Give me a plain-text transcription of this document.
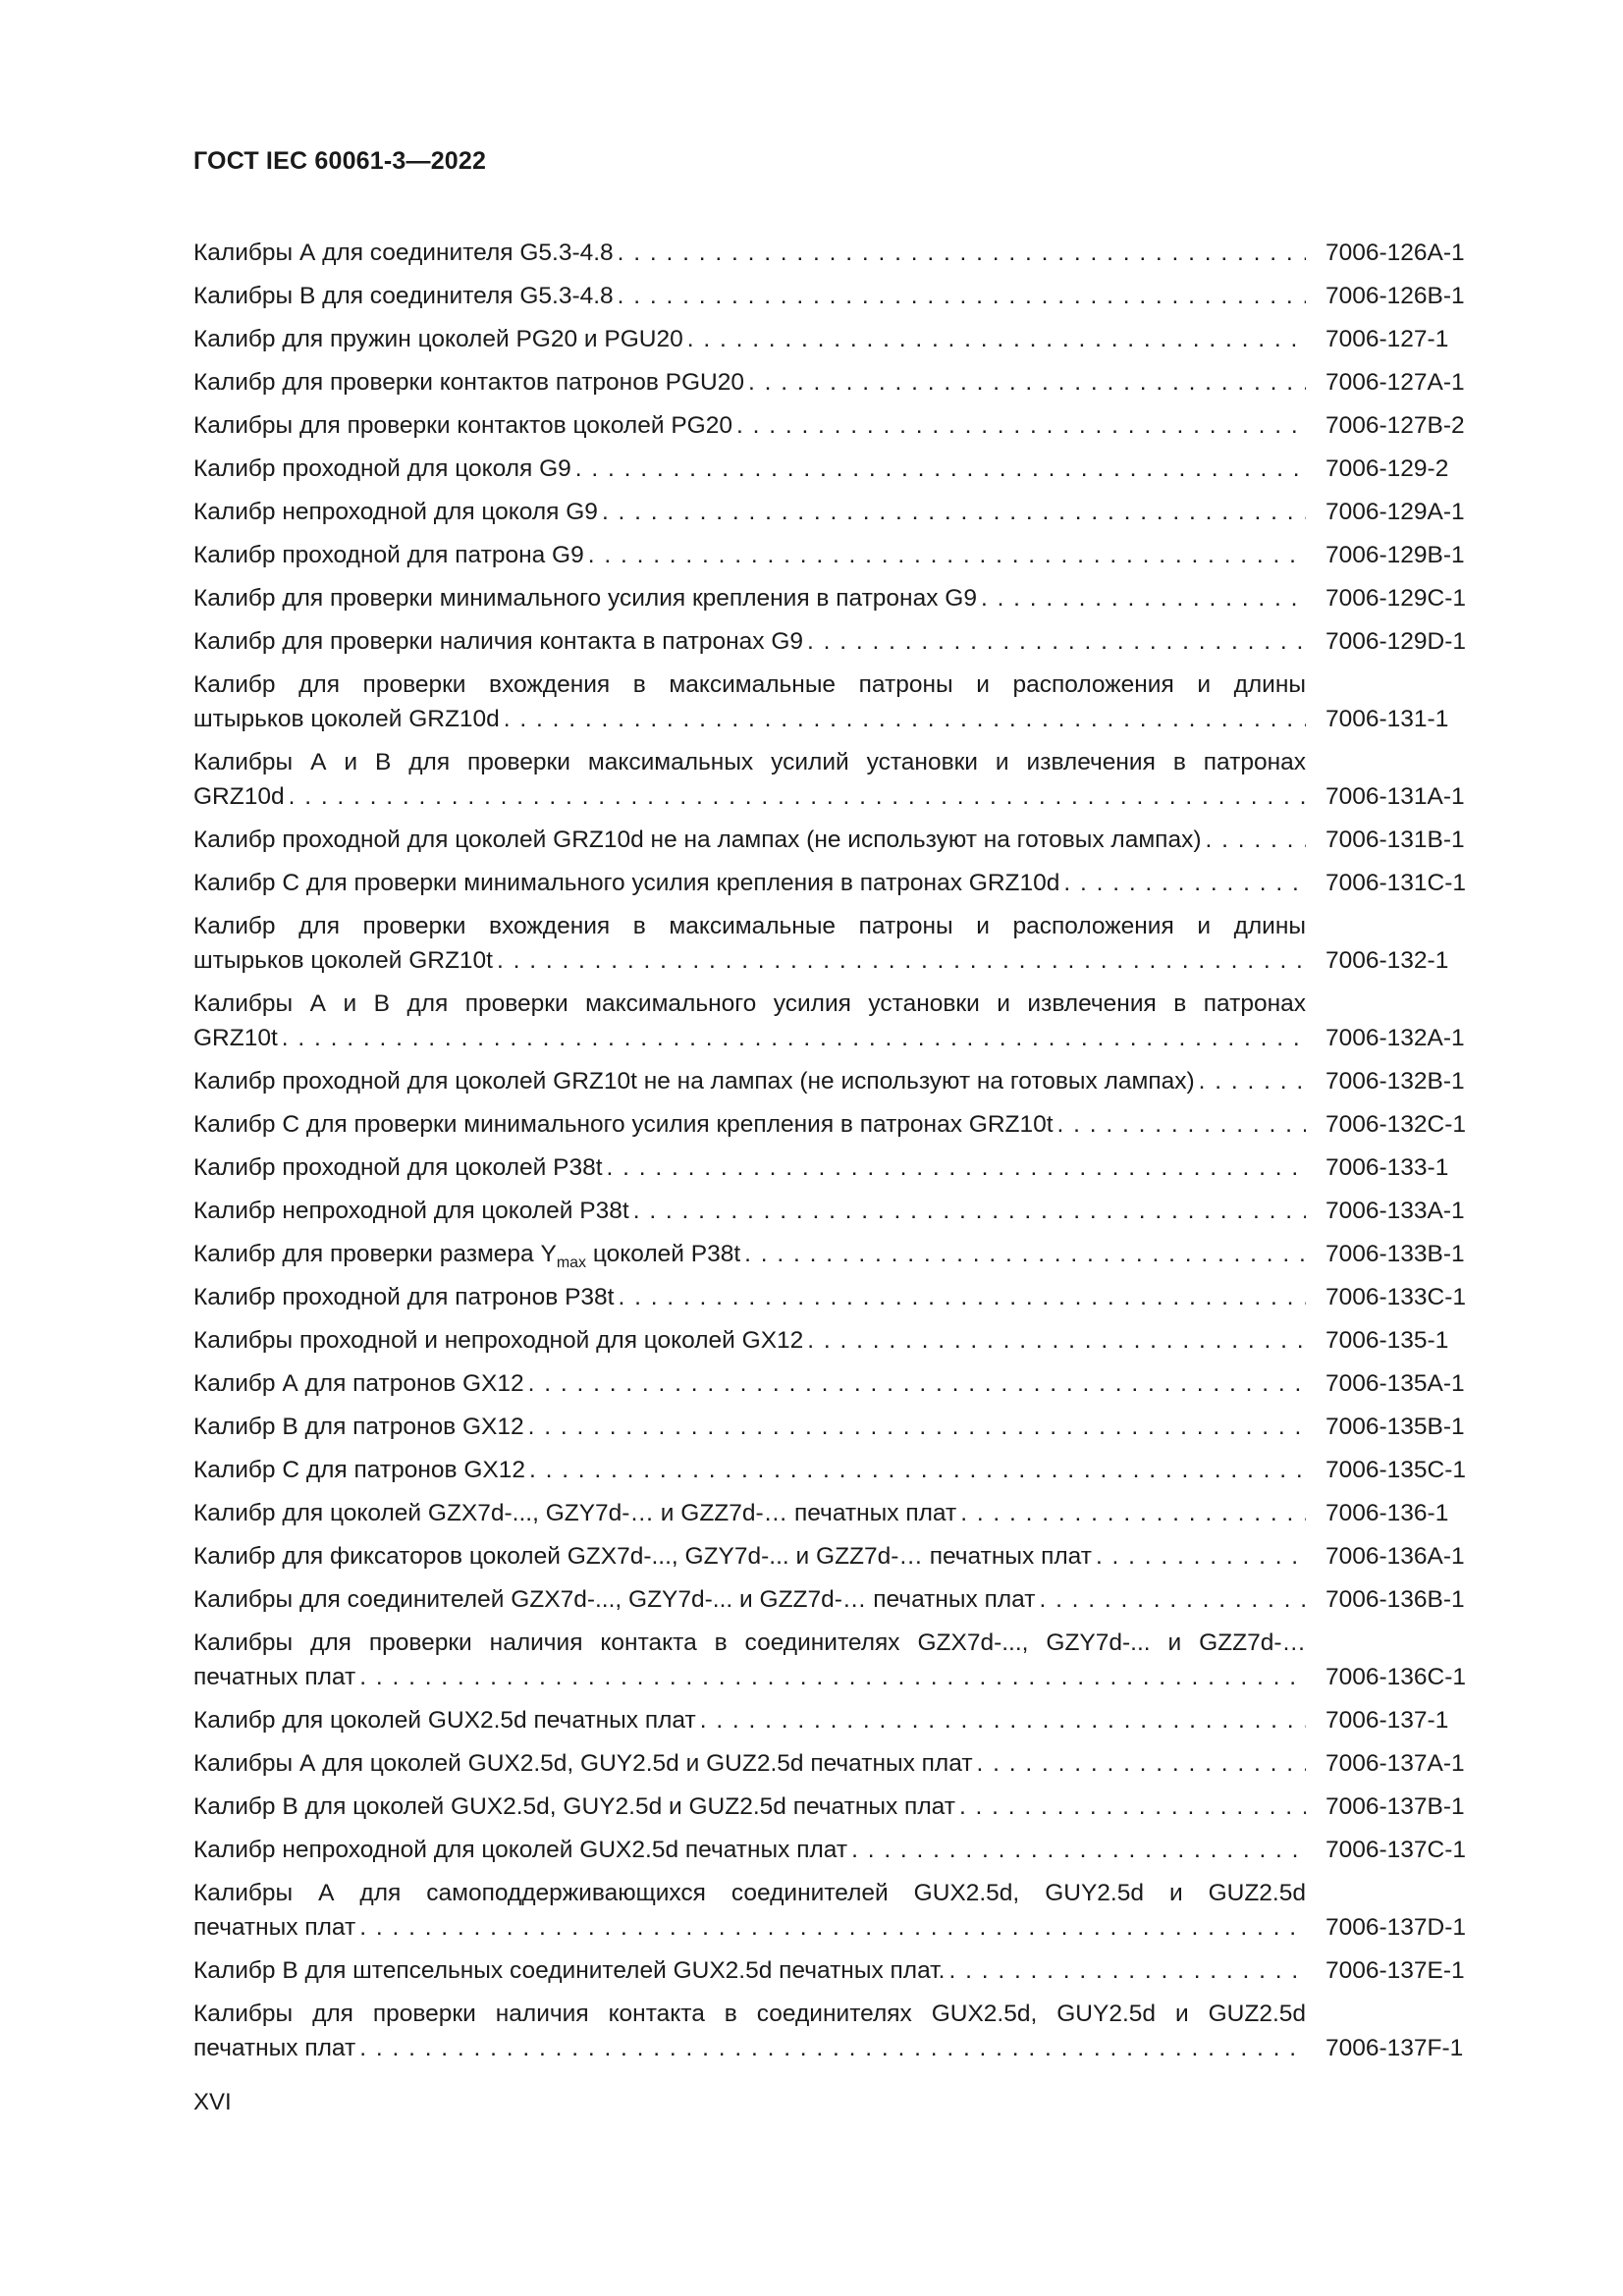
ГОСТ IEC 60061-3—2022
Калибры А для соединителя G5.3-4.8 . . .	7006-126A-1
Калибры В для соединителя G5.3-4.8 . . .	7006-126B-1
Калибр для пружин цоколей PG20 и PGU20 . . .	7006-127-1
Калибр для проверки контактов патронов PGU20 . . .	7006-127A-1
Калибры для проверки контактов цоколей PG20 . . .	7006-127B-2
Калибр проходной для цоколя G9 . . .	7006-129-2
Калибр непроходной для цоколя G9 . . .	7006-129A-1
Калибр проходной для патрона G9 . . .	7006-129B-1
Калибр для проверки минимального усилия крепления в патронах G9 . . .	7006-129C-1
Калибр для проверки наличия контакта в патронах G9 . . .	7006-129D-1
Калибр для проверки вхождения в максимальные патроны и расположения и длины
штырьков цоколей GRZ10d . . .	7006-131-1
Калибры А и В для проверки максимальных усилий установки и извлечения в патронах
GRZ10d . . .	7006-131A-1
Калибр проходной для цоколей GRZ10d не на лампах (не используют на готовых лампах) . . .	7006-131B-1
Калибр С для проверки минимального усилия крепления в патронах GRZ10d . . .	7006-131C-1
Калибр для проверки вхождения в максимальные патроны и расположения и длины
штырьков цоколей GRZ10t . . .	7006-132-1
Калибры А и В для проверки максимального усилия установки и извлечения в патронах
GRZ10t . . .	7006-132A-1
Калибр проходной для цоколей GRZ10t не на лампах (не используют на готовых лампах) . . .	7006-132B-1
Калибр С для проверки минимального усилия крепления в патронах GRZ10t . . .	7006-132C-1
Калибр проходной для цоколей P38t . . .	7006-133-1
Калибр непроходной для цоколей P38t . . .	7006-133A-1
Калибр для проверки размера $Y_{max}$ цоколей P38t . . .	7006-133B-1
Калибр проходной для патронов P38t . . .	7006-133C-1
Калибры проходной и непроходной для цоколей GX12 . . .	7006-135-1
Калибр А для патронов GX12 . . .	7006-135A-1
Калибр В для патронов GX12 . . .	7006-135B-1
Калибр С для патронов GX12 . . .	7006-135C-1
Калибр для цоколей GZX7d-..., GZY7d-… и GZZ7d-… печатных плат . . .	7006-136-1
Калибр для фиксаторов цоколей GZX7d-..., GZY7d-... и GZZ7d-… печатных плат . . .	7006-136A-1
Калибры для соединителей GZX7d-..., GZY7d-... и GZZ7d-… печатных плат . . .	7006-136B-1
Калибры для проверки наличия контакта в соединителях GZX7d-..., GZY7d-... и GZZ7d-…
печатных плат . . .	7006-136C-1
Калибр для цоколей GUX2.5d печатных плат . . .	7006-137-1
Калибры А для цоколей GUX2.5d, GUY2.5d и GUZ2.5d печатных плат . . .	7006-137A-1
Калибр В для цоколей GUX2.5d, GUY2.5d и GUZ2.5d печатных плат . . .	7006-137B-1
Калибр непроходной для цоколей GUX2.5d печатных плат . . .	7006-137C-1
Калибры А для самоподдерживающихся соединителей GUX2.5d, GUY2.5d и GUZ2.5d
печатных плат . . .	7006-137D-1
Калибр В для штепсельных соединителей GUX2.5d печатных плат. . . .	7006-137E-1
Калибры для проверки наличия контакта в соединителях GUX2.5d, GUY2.5d и GUZ2.5d
печатных плат . . .	7006-137F-1
XVI
